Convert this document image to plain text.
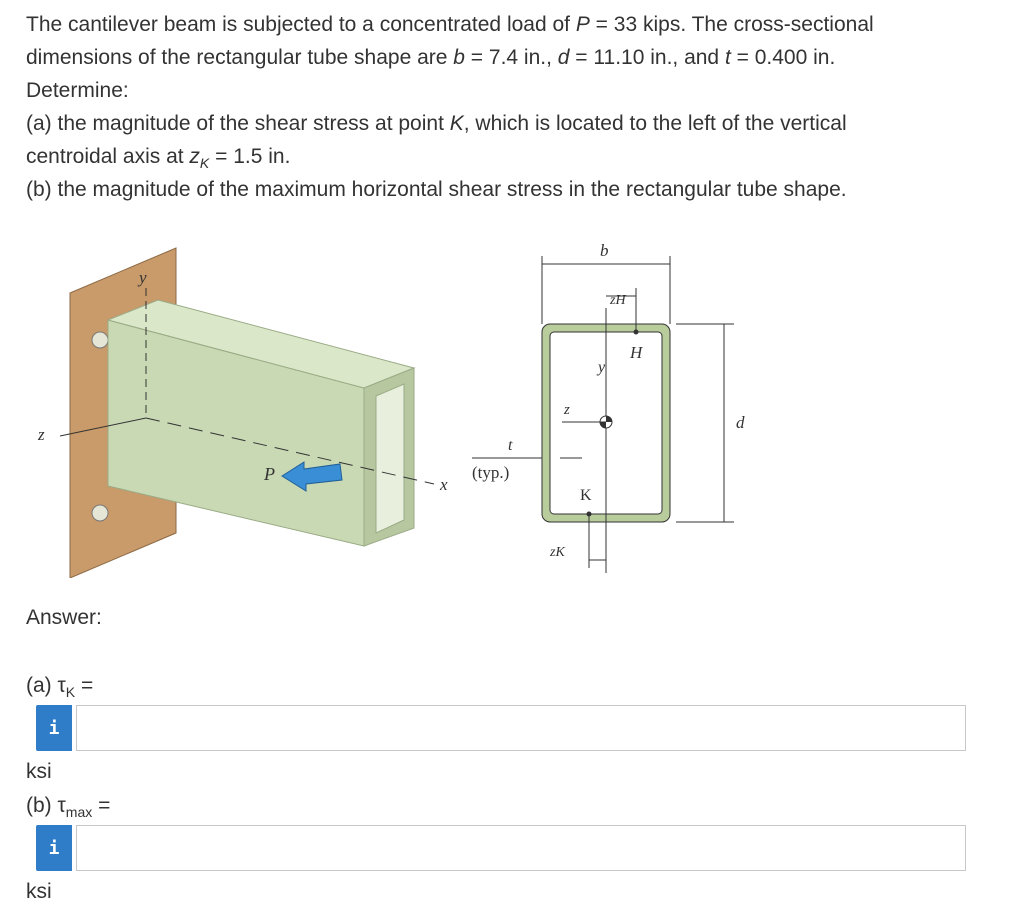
The cantilever beam is subjected to a concentrated load of P = 33 kips. The cross-sectional

dimensions of the rectangular tube shape are b = 7.4 in., d = 11.10 in., and t = 0.400 in.

Determine:

(a) the magnitude of the shear stress at point K, which is located to the left of the vertical

centroidal axis at $z_K = 1.5$ in.

(b) the magnitude of the maximum horizontal shear stress in the rectangular tube shape.

y
z
x
P
b
zH
H
y
z
d
t
(typ.)
K
zK
Answer:
(a) $\tau_K$ =
i
ksi
(b) $\tau_{max}$ =
i
ksi
